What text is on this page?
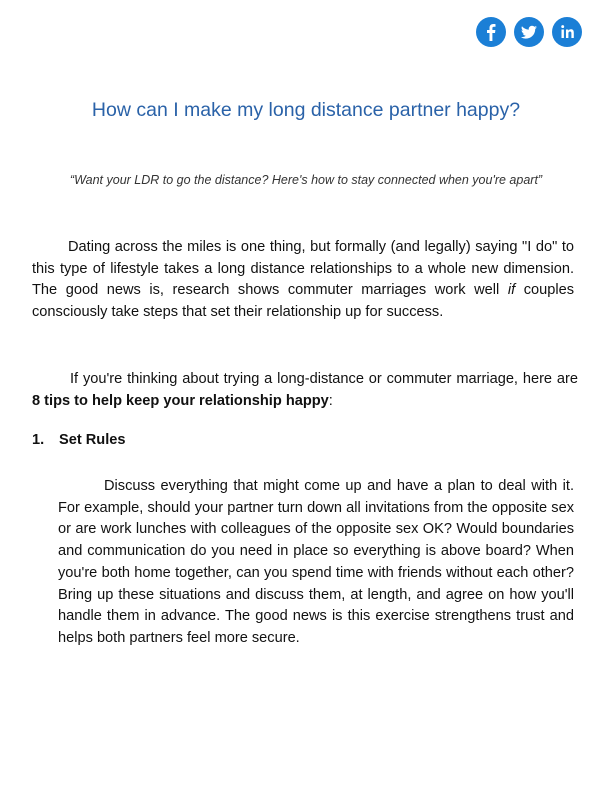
How can I make my long distance partner happy?

“Want your LDR to go the distance? Here's how to stay connected when you're apart”

Dating across the miles is one thing, but formally (and legally) saying "I do" to this type of lifestyle takes a long distance relationships to a whole new dimension. The good news is, research shows commuter marriages work well if couples consciously take steps that set their relationship up for success.

If you're thinking about trying a long-distance or commuter marriage, here are 8 tips to help keep your relationship happy:

1.	Set Rules

Discuss everything that might come up and have a plan to deal with it. For example, should your partner turn down all invitations from the opposite sex or are work lunches with colleagues of the opposite sex OK? Would boundaries and communication do you need in place so everything is above board? When you're both home together, can you spend time with friends without each other? Bring up these situations and discuss them, at length, and agree on how you'll handle them in advance. The good news is this exercise strengthens trust and helps both partners feel more secure.
